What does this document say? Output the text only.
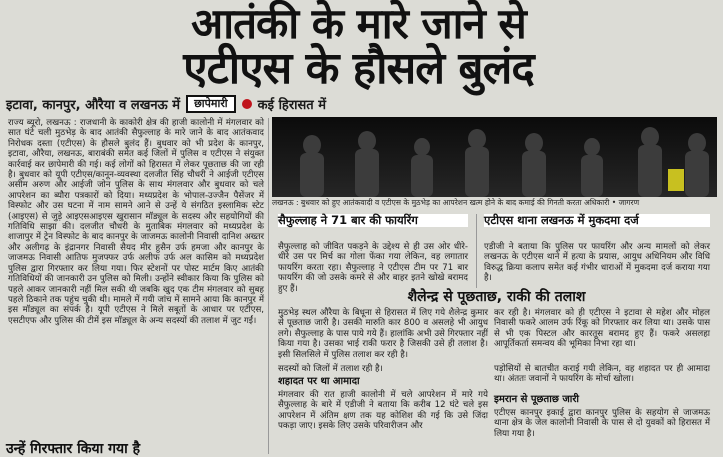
आतंकी के मारे जाने से
एटीएस के हौसले बुलंद
इटावा, कानपुर, औरैया व लखनऊ में	छापेमारी	कई हिरासत में
राज्य ब्यूरो, लखनऊ : राजधानी के काकोरी क्षेत्र की हाजी कालोनी में मंगलवार को सात घंटे चली मुठभेड़ के बाद आतंकी सैफुल्लाह के मारे जाने के बाद आतंकवाद निरोधक दस्ता (एटीएस) के हौसले बुलंद हैं। बुधवार को भी प्रदेश के कानपुर, इटावा, औरैया, लखनऊ, बाराबंकी समेत कई जिलों में पुलिस व एटीएस ने संयुक्त कार्रवाई कर छापेमारी की गई। कई लोगों को हिरासत में लेकर पूछताछ की जा रही है। बुधवार को यूपी एटीएस/कानून-व्यवस्था दलजीत सिंह चौधरी ने आईजी एटीएस असीम अरुण और आईजी जोन पुलिस के साथ मंगलवार और बुधवार को चले आपरेशन का ब्यौरा पत्रकारों को दिया। मध्यप्रदेश के भोपाल-उज्जैन पैसेंजर में विस्फोट और उस घटना में नाम सामने आने से उन्हें ये संगठित इस्लामिक स्टेट (आइएस) से जुड़े आइएसआइएस खुरासान मॉड्यूल के सदस्य और सहयोगियों की गतिविधि साझा की। दलजीत चौधरी के मुताबिक मंगलवार को मध्यप्रदेश के शाजापुर में ट्रेन विस्फोट के बाद कानपुर के जाजमऊ कालोनी निवासी दानिश अख्तर और अलीगढ़ के इंद्रानगर निवासी सैयद मीर हुसैन उर्फ हमजा और कानपुर के जाजमऊ निवासी आतिफ मुजफ्फर उर्फ अलीफ उर्फ अल कासिम को मध्यप्रदेश पुलिस द्वारा गिरफ्तार कर लिया गया। फिर स्टेशनों पर पोस्ट मार्टम किए आतंकी गतिविधियों की जानकारी उन पुलिस को मिली। उन्होंने स्वीकार किया कि पुलिस को पहले आकर जानकारी नहीं मिल सकी थी जबकि खुद एक टीम मंगलवार को सुबह पहले ठिकाने तक पहुंच चुकी थी। मामले में गयी जांच में सामने आया कि कानपुर में इस मॉड्यूल का संपर्क है। यूपी एटीएस ने मिले सबूतों के आधार पर एटीएस, एसटीएफ और पुलिस की टीमें इस मॉड्यूल के अन्य सदस्यों की तलाश में जुट गईं।
लखनऊ : बुधवार को हुए आतंकवादी व एटीएस के मुठभेड़ का आपरेशन खत्म होने के बाद कमाई की गिनती करता अधिकारी • जागरण
सैफुल्लाह ने 71 बार की फायरिंग
सैफुल्लाह को जीवित पकड़ने के उद्देश्य से ही उस ओर धीरे-धीरे उस पर मिर्च का गोला फेंका गया लेकिन, वह लगातार फायरिंग करता रहा। सैफुल्लाह ने एटीएस टीम पर 71 बार फायरिंग की जो उसके कमरे से और बाहर इतने खोखे बरामद हुए हैं।
एटीएस थाना लखनऊ में मुकदमा दर्ज
एडीजी ने बताया कि पुलिस पर फायरिंग और अन्य मामलों को लेकर लखनऊ के एटीएस थाने में हत्या के प्रयास, आयुध अधिनियम और विधि विरुद्ध क्रिया कलाप समेत कई गंभीर धाराओं में मुकदमा दर्ज कराया गया है।
शैलेन्द्र से पूछताछ, राकी की तलाश
मुठभेड़ स्थल औरैया के बिधूना से हिरासत में लिए गये शैलेन्द्र कुमार से पूछताछ जारी है। उसकी मारुति कार 800 व असलहे भी आयुध लगे। सैफुल्लाह के पास पाये गये हैं। हालांकि अभी उसे गिरफ्तार नहीं किया गया है। उसका भाई राकी फरार है जिसकी उसे ही तलाश है। इसी सिलसिले में पुलिस तलाश कर रही है।
कर रही है। मंगलवार को ही एटीएस ने इटावा से महेश और मोहल निवासी फकरे आलम उर्फ रिंकू को गिरफ्तार कर लिया था। उसके पास से भी एक पिस्टल और कारतूस बरामद हुए हैं। फकरे असलहा आपूर्तिकर्ता समन्वय की भूमिका निभा रहा था।
सदस्यों को जिलों में तलाश रही है।	पड़ोसियों से बातचीत कराई गयी लेकिन, वह शहादत पर ही आमादा था। अंततः जवानों ने फायरिंग के मोर्चा खोला।
शहादत पर था आमादा
मंगलवार की रात हाजी कालोनी में चले आपरेशन में मारे गये सैफुल्लाह के बारे में एडीजी ने बताया कि करीब 12 घंटे चले इस आपरेशन में अंतिम क्षण तक यह कोशिश की गई कि उसे जिंदा पकड़ा जाए। इसके लिए उसके परिवारीजन और
इमरान से पूछताछ जारी
एटीएस कानपुर इकाई द्वारा कानपुर पुलिस के सहयोग से जाजमऊ थाना क्षेत्र के जेल कालोनी निवासी के पास से दो युवकों को हिरासत में लिया गया है।
उन्हें गिरफ्तार किया गया है
